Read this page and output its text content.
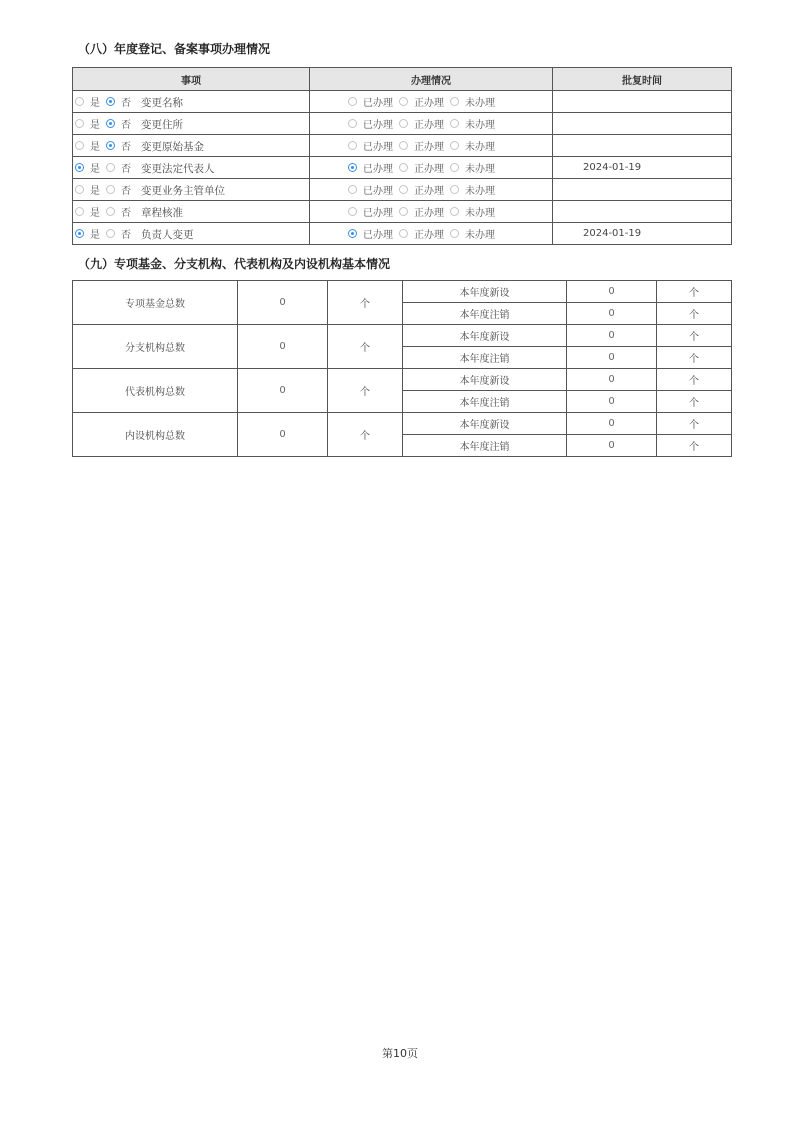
（八）年度登记、备案事项办理情况
事项	办理情况	批复时间

是 否 变更名称	已办理 正办理 未办理	

是 否 变更住所	已办理 正办理 未办理	

是 否 变更原始基金	已办理 正办理 未办理	

是 否 变更法定代表人	已办理 正办理 未办理	2024-01-19

是 否 变更业务主管单位	已办理 正办理 未办理	

是 否 章程核准	已办理 正办理 未办理	

是 否 负责人变更	已办理 正办理 未办理	2024-01-19
（九）专项基金、分支机构、代表机构及内设机构基本情况
专项基金总数	0	个	本年度新设	0	个
			本年度注销	0	个
分支机构总数	0	个	本年度新设	0	个
			本年度注销	0	个
代表机构总数	0	个	本年度新设	0	个
			本年度注销	0	个
内设机构总数	0	个	本年度新设	0	个
			本年度注销	0	个
第10页
